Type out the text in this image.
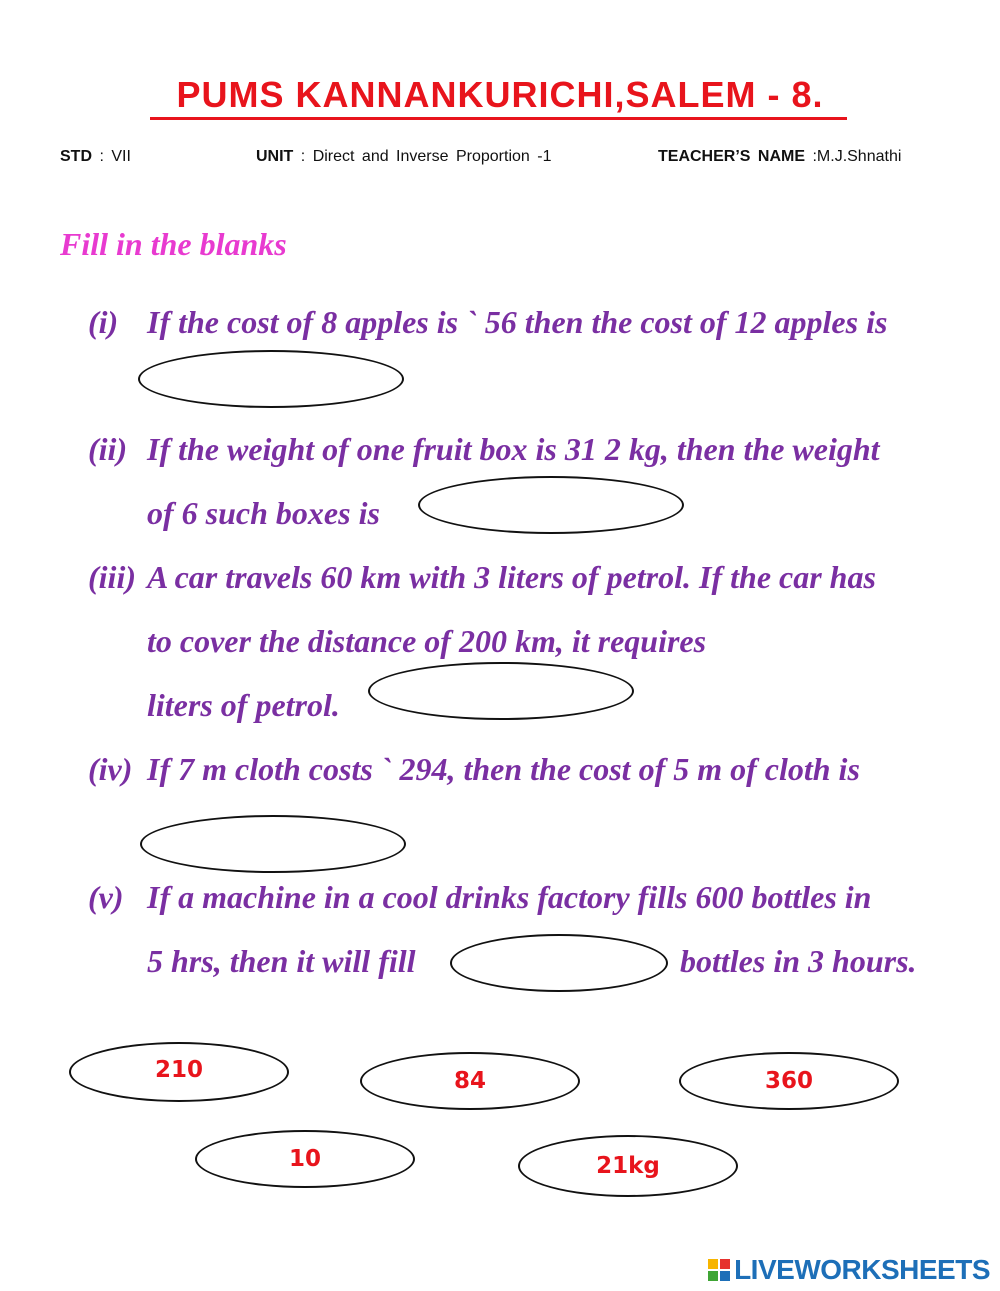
PUMS KANNANKURICHI,SALEM - 8.
STD : VII	UNIT : Direct and Inverse Proportion -1	TEACHER’S NAME :M.J.Shnathi
Fill in the blanks
(i) If the cost of 8 apples is ` 56 then the cost of 12 apples is
(ii) If the weight of one fruit box is 31 2 kg, then the weight
of 6 such boxes is
(iii) A car travels 60 km with 3 liters of petrol. If the car has
to cover the distance of 200 km, it requires
liters of petrol.
(iv) If 7 m cloth costs ` 294, then the cost of 5 m of cloth is
(v) If a machine in a cool drinks factory fills 600 bottles in
5 hrs, then it will fill	bottles in 3 hours.
210	84	360
10	21kg
LIVEWORKSHEETS
